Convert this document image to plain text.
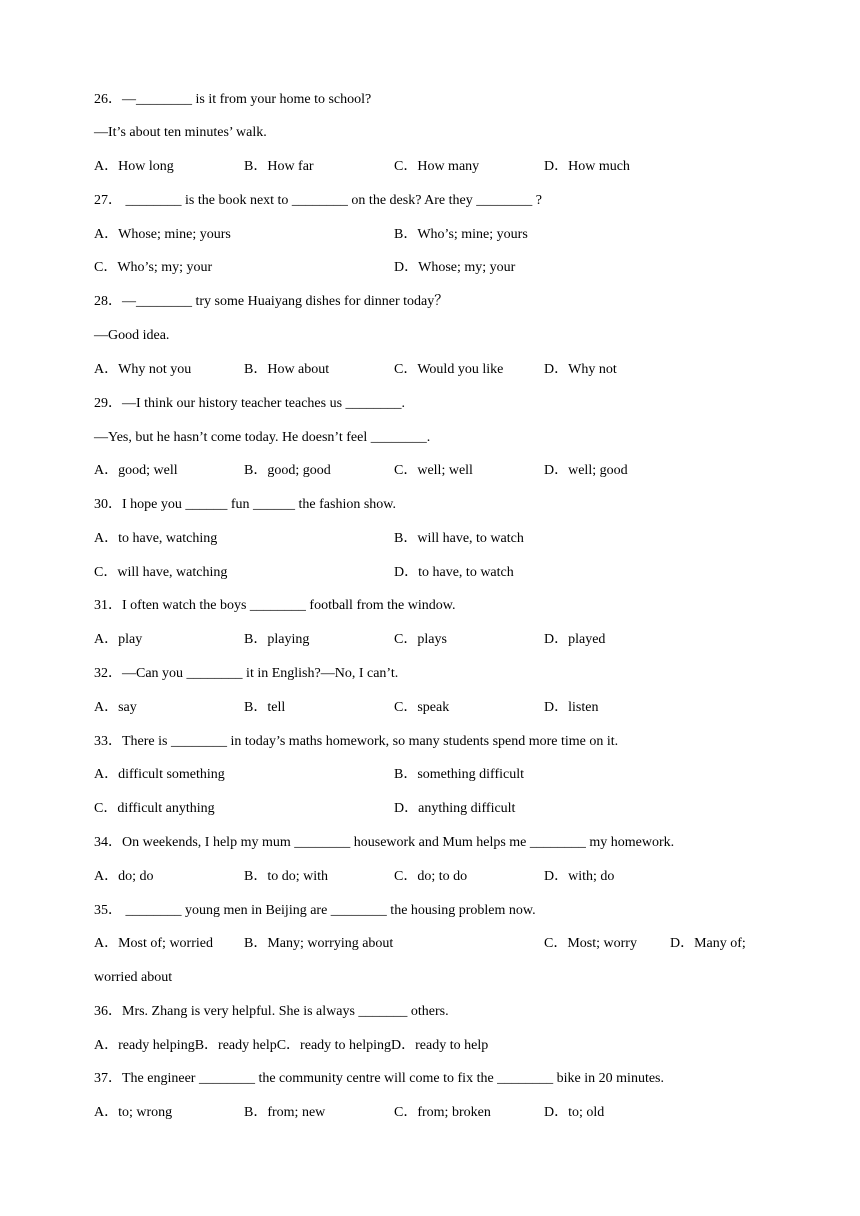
26．—________ is it from your home to school?
—It’s about ten minutes’ walk.
A．How long	B．How far	C．How many	D．How much
27． ________ is the book next to ________ on the desk? Are they ________ ?
A．Whose; mine; yours	B．Who’s; mine; yours
C．Who’s; my; your	D．Whose; my; your
28．—________ try some Huaiyang dishes for dinner today？
—Good idea.
A．Why not you	B．How about	C．Would you like	D．Why not
29．—I think our history teacher teaches us ________.
—Yes, but he hasn’t come today. He doesn’t feel ________.
A．good; well	B．good; good	C．well; well	D．well; good
30．I hope you ______ fun ______ the fashion show.
A．to have, watching	B．will have, to watch
C．will have, watching	D．to have, to watch
31．I often watch the boys ________ football from the window.
A．play	B．playing	C．plays	D．played
32．—Can you ________ it in English?—No, I can’t.
A．say	B．tell	C．speak	D．listen
33．There is ________ in today’s maths homework, so many students spend more time on it.
A．difficult something	B．something difficult
C．difficult anything	D．anything difficult
34．On weekends, I help my mum ________ housework and Mum helps me ________ my homework.
A．do; do	B．to do; with	C．do; to do	D．with; do
35． ________ young men in Beijing are ________ the housing problem now.
A．Most of; worried B．Many; worrying about	C．Most; worry D．Many of;
worried about
36．Mrs. Zhang is very helpful. She is always _______ others.
A．ready helpingB．ready helpC．ready to helpingD．ready to help
37．The engineer ________ the community centre will come to fix the ________ bike in 20 minutes.
A．to; wrong	B．from; new	C．from; broken	D．to; old
